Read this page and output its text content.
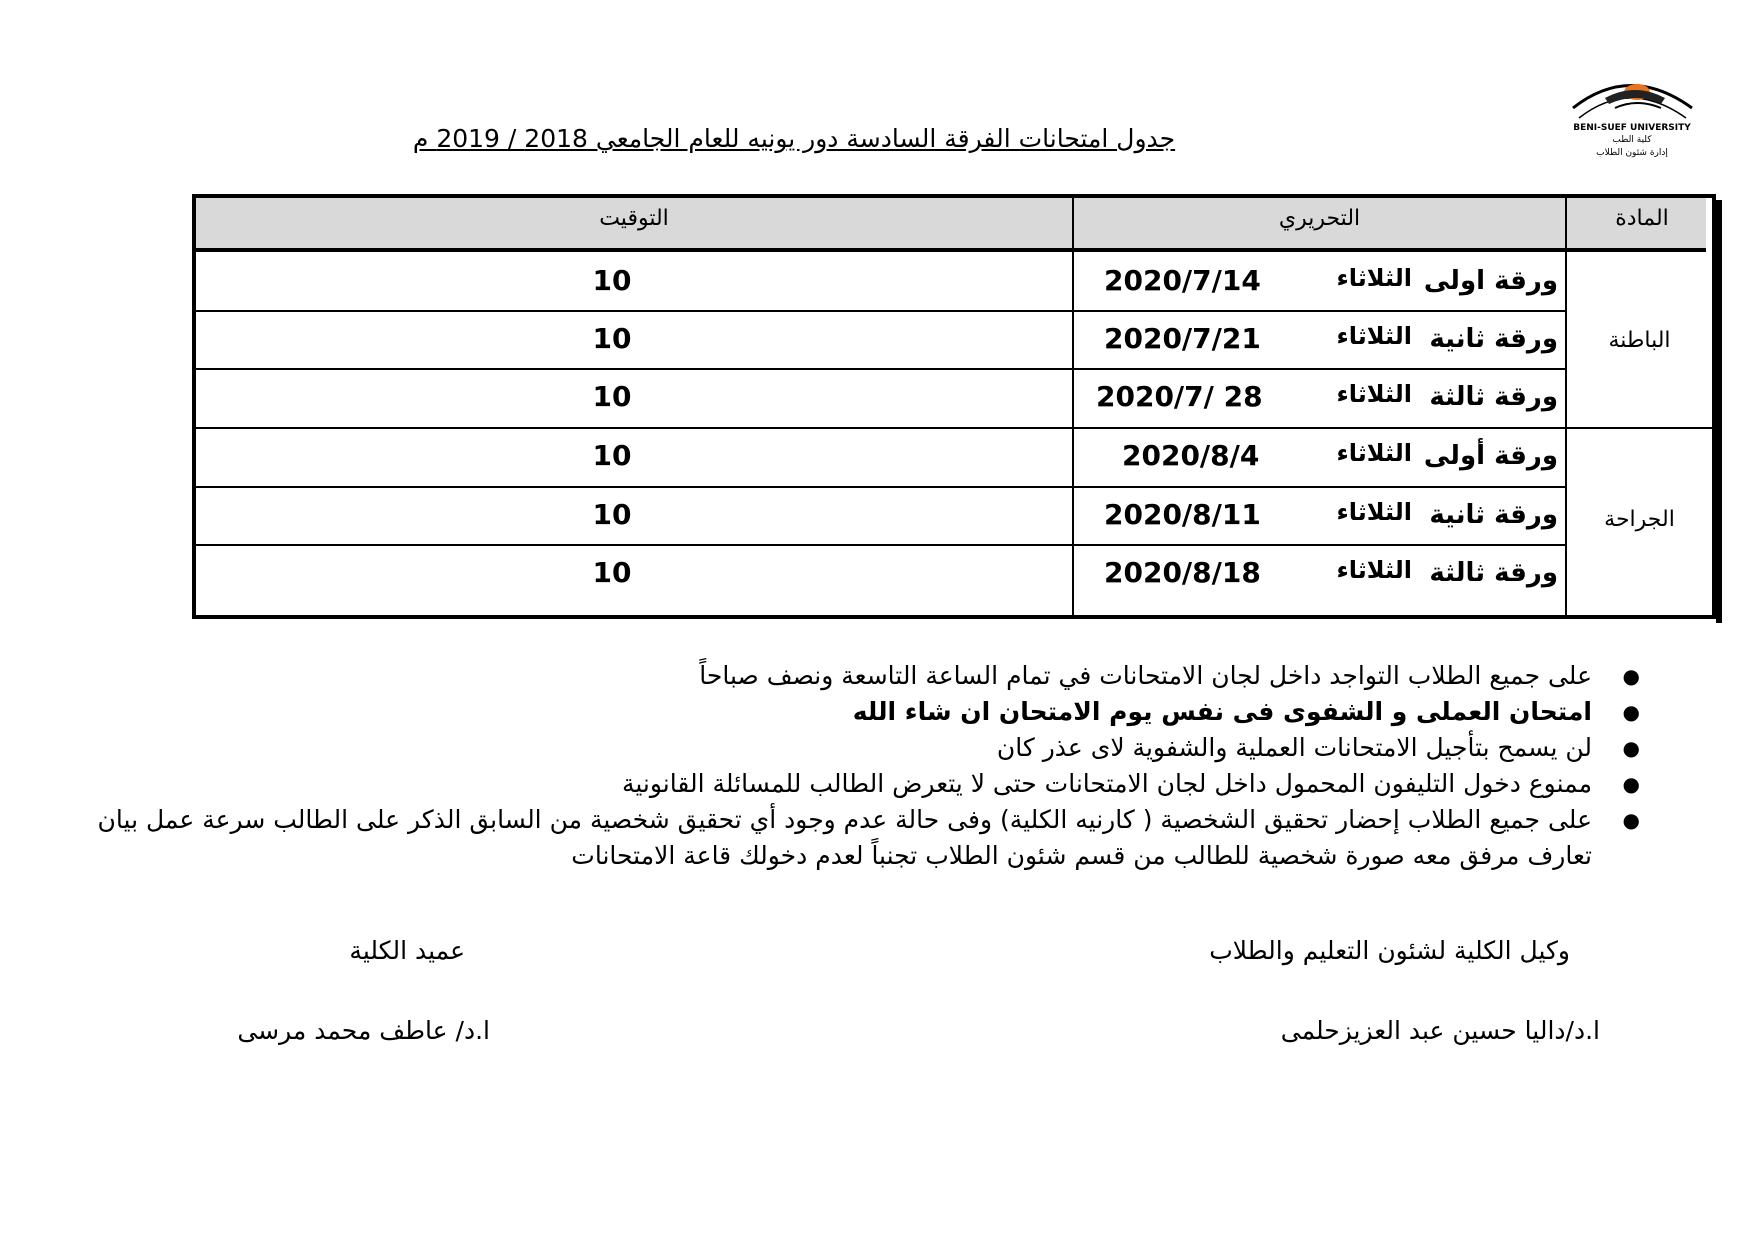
BENI-SUEF UNIVERSITY
كلية الطب
إدارة شئون الطلاب
جدول امتحانات الفرقة السادسة دور يونيه للعام الجامعي 2018 / 2019 م
المادة
التحريري
التوقيت
الباطنة
الجراحة
ورقة اولى
الثلاثاء
2020/7/14
10
ورقة ثانية
الثلاثاء
2020/7/21
10
ورقة ثالثة
الثلاثاء
2020/7/ 28
10
ورقة أولى
الثلاثاء
2020/8/4
10
ورقة ثانية
الثلاثاء
2020/8/11
10
ورقة ثالثة
الثلاثاء
2020/8/18
10
●
على جميع الطلاب التواجد داخل لجان الامتحانات في تمام الساعة التاسعة ونصف صباحاً
●
امتحان العملى و الشفوى فى نفس يوم الامتحان ان شاء الله
●
لن يسمح بتأجيل الامتحانات العملية والشفوية لاى عذر كان
●
ممنوع دخول التليفون المحمول داخل لجان الامتحانات حتى لا يتعرض الطالب للمسائلة القانونية
●
على جميع الطلاب إحضار تحقيق الشخصية ( كارنيه الكلية) وفى حالة عدم وجود أي تحقيق شخصية من السابق الذكر على الطالب سرعة عمل بيان تعارف مرفق معه صورة شخصية للطالب من قسم شئون الطلاب تجنباً لعدم دخولك قاعة الامتحانات
وكيل الكلية لشئون التعليم والطلاب
ا.د/داليا حسين عبد العزيزحلمى
عميد الكلية
ا.د/ عاطف محمد مرسى
